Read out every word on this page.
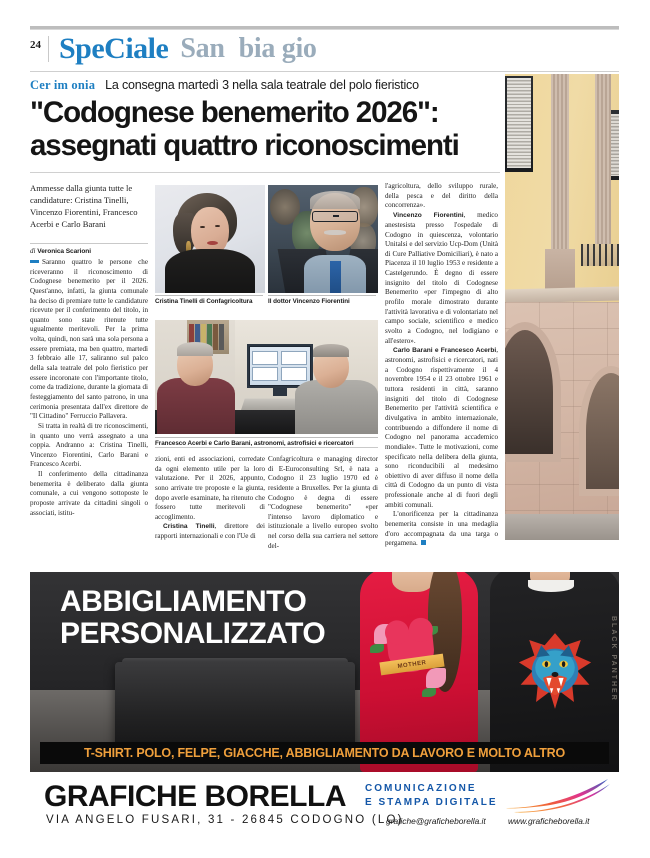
24 SpeCiale San bia gio
Cer im onia La consegna martedì 3 nella sala teatrale del polo fieristico
"Codognese benemerito 2026":
assegnati quattro riconoscimenti
Ammesse dalla giunta tutte le candidature: Cristina Tinelli, Vincenzo Fiorentini, Francesco Acerbi e Carlo Barani
di Veronica Scarioni

Saranno quattro le persone che riceveranno il riconoscimento di Codognese benemerito per il 2026. Quest'anno, infatti, la giunta comunale ha deciso di premiare tutte le candidature ricevute per il conferimento del titolo, in quanto sono state ritenute tutte ugualmente meritevoli. Per la prima volta, quindi, non sarà una sola persona a essere premiata, ma ben quattro, martedì 3 febbraio alle 17, saliranno sul palco della sala teatrale del polo fieristico per essere incoronate con l'importante titolo, come da tradizione, durante la giornata di festeggiamento del santo patrono, in una cerimonia presentata dall'ex direttore de "Il Cittadino" Ferruccio Pallavera.

Si tratta in realtà di tre riconoscimenti, in quanto uno verrà assegnato a una coppia. Andranno a: Cristina Tinelli, Vincenzo Fiorentini, Carlo Barani e Francesco Acerbi.

Il conferimento della cittadinanza benemerita è deliberato dalla giunta comunale, a cui vengono sottoposte le proposte arrivate da cittadini singoli o associati, istitu-

zioni, enti ed associazioni, corredate da ogni elemento utile per la loro valutazione. Per il 2026, appunto, sono arrivate tre proposte e la giunta, dopo averle esaminate, ha ritenuto che fossero tutte meritevoli di accoglimento.

Cristina Tinelli, direttore dei rapporti internazionali e con l'Ue di

Confagricoltura e managing director di E-Euroconsulting Srl, è nata a Codogno il 23 luglio 1970 ed è residente a Bruxelles. Per la giunta di Codogno è degna di essere "Codognese benemerito" «per l'intenso lavoro diplomatico e istituzionale a livello europeo svolto nel corso della sua carriera nel settore del-

l'agricoltura, dello sviluppo rurale, della pesca e del diritto della concorrenza».

Vincenzo Fiorentini, medico anestesista presso l'ospedale di Codogno in quiescenza, volontario Unitalsi e del servizio Ucp-Dom (Unità di Cure Palliative Domiciliari), è nato a Piacenza il 10 luglio 1953 e residente a Castelgerundo. È degno di essere insignito del titolo di Codognese Benemerito «per l'impegno di alto profilo morale dimostrato durante l'attività lavorativa e di volontariato nel campo sociale, scientifico e medico svolto a Codogno, nel lodigiano e all'estero».

Carlo Barani e Francesco Acerbi, astronomi, astrofisici e ricercatori, nati a Codogno rispettivamente il 4 novembre 1954 e il 23 ottobre 1961 e tuttora residenti in città, saranno insigniti del titolo di Codognese Benemerito per l'attività scientifica e divulgativa in ambito internazionale, contribuendo a diffondere il nome di Codogno nel panorama accademico mondiale». Tutte le motivazioni, come specificato nella delibera della giunta, sono riconducibili al medesimo obiettivo di aver diffuso il nome della città di Codogno da un punto di vista professionale anche al di fuori degli ambiti comunali.

L'onorificenza per la cittadinanza benemerita consiste in una medaglia d'oro accompagnata da una targa o pergamena.

Cristina Tinelli di Confagricoltura	Il dottor Vincenzo Fiorentini
Francesco Acerbi e Carlo Barani, astronomi, astrofisici e ricercatori
MOTHER	BLACK PANTHER
ABBIGLIAMENTO
PERSONALIZZATO
T-SHIRT. POLO, FELPE, GIACCHE, ABBIGLIAMENTO DA LAVORO E MOLTO ALTRO
GRAFICHE BORELLA
VIA ANGELO FUSARI, 31 - 26845 CODOGNO (LO)
COMUNICAZIONE
E STAMPA DIGITALE
grafiche@graficheborella.it	www.graficheborella.it
